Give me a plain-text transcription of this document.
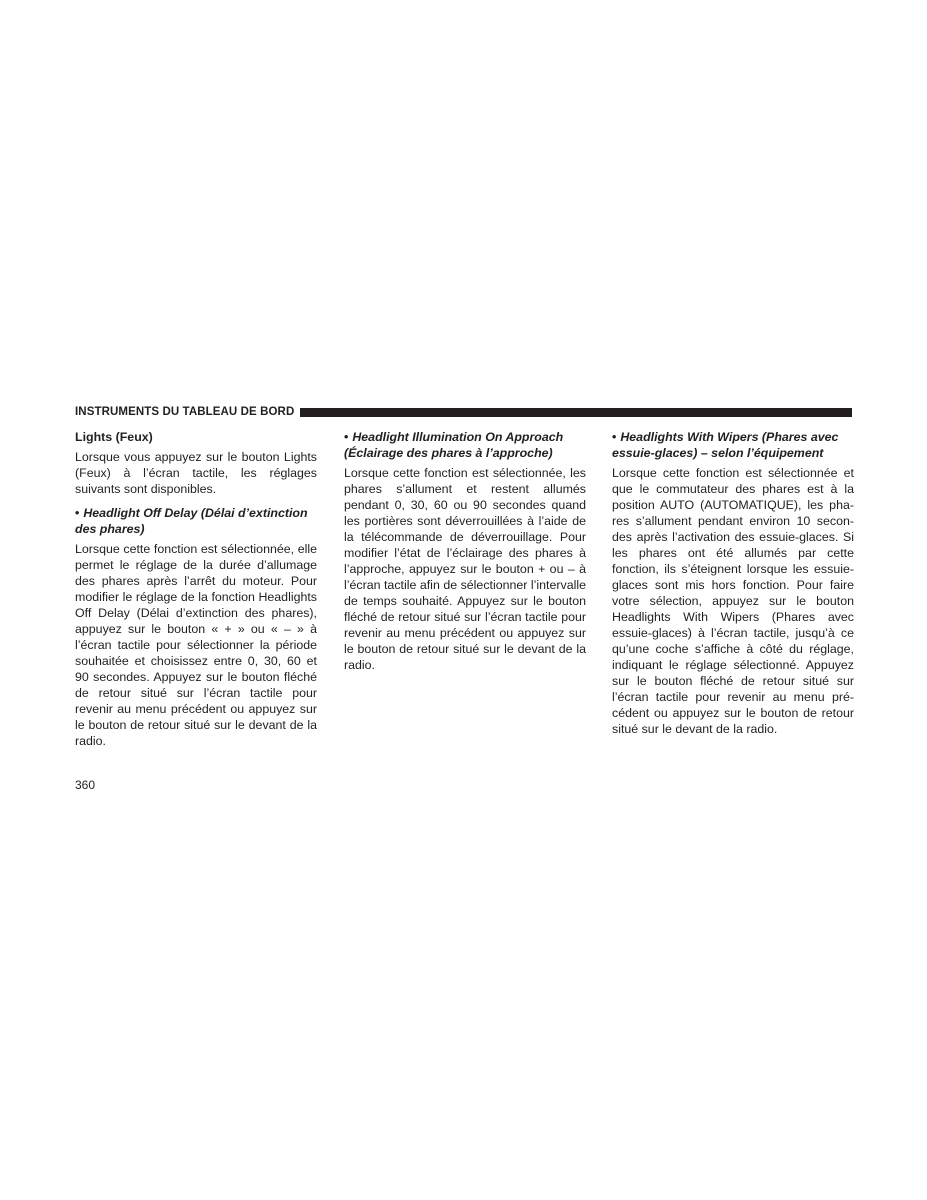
INSTRUMENTS DU TABLEAU DE BORD

Lights (Feux)

Lorsque vous appuyez sur le bouton Lights (Feux) à l’écran tactile, les réglages suivants sont disponibles.

• Headlight Off Delay (Délai d’extinction des phares)

Lorsque cette fonction est sélectionnée, elle permet le réglage de la durée d’allumage des phares après l’arrêt du moteur. Pour modifier le réglage de la fonction Headlights Off Delay (Délai d’extinction des phares), appuyez sur le bouton « + » ou « – » à l’écran tactile pour sélectionner la période souhaitée et choisissez entre 0, 30, 60 et 90 secondes. Appuyez sur le bouton fléché de retour situé sur l’écran tactile pour revenir au menu précédent ou appuyez sur le bouton de retour situé sur le devant de la radio.

• Headlight Illumination On Approach (Éclairage des phares à l’approche)

Lorsque cette fonction est sélectionnée, les phares s’allument et restent allumés pendant 0, 30, 60 ou 90 secondes quand les portières sont déverrouillées à l’aide de la télécommande de déverrouillage. Pour modifier l’état de l’éclairage des phares à l’approche, appuyez sur le bouton + ou – à l’écran tactile afin de sélectionner l’intervalle de temps souhaité. Appuyez sur le bouton fléché de retour situé sur l’écran tactile pour revenir au menu précédent ou appuyez sur le bouton de retour situé sur le devant de la radio.

• Headlights With Wipers (Phares avec essuie-glaces) – selon l’équipement

Lorsque cette fonction est sélectionnée et que le commutateur des phares est à la position AUTO (AUTOMATIQUE), les phares s’allument pendant environ 10 secondes après l’activation des essuie-glaces. Si les phares ont été allumés par cette fonction, ils s’éteignent lorsque les essuieglaces sont mis hors fonction. Pour faire votre sélection, appuyez sur le bouton Headlights With Wipers (Phares avec essuie-glaces) à l’écran tactile, jusqu’à ce qu’une coche s’affiche à côté du réglage, indiquant le réglage sélectionné. Appuyez sur le bouton fléché de retour situé sur l’écran tactile pour revenir au menu précédent ou appuyez sur le bouton de retour situé sur le devant de la radio.

360
